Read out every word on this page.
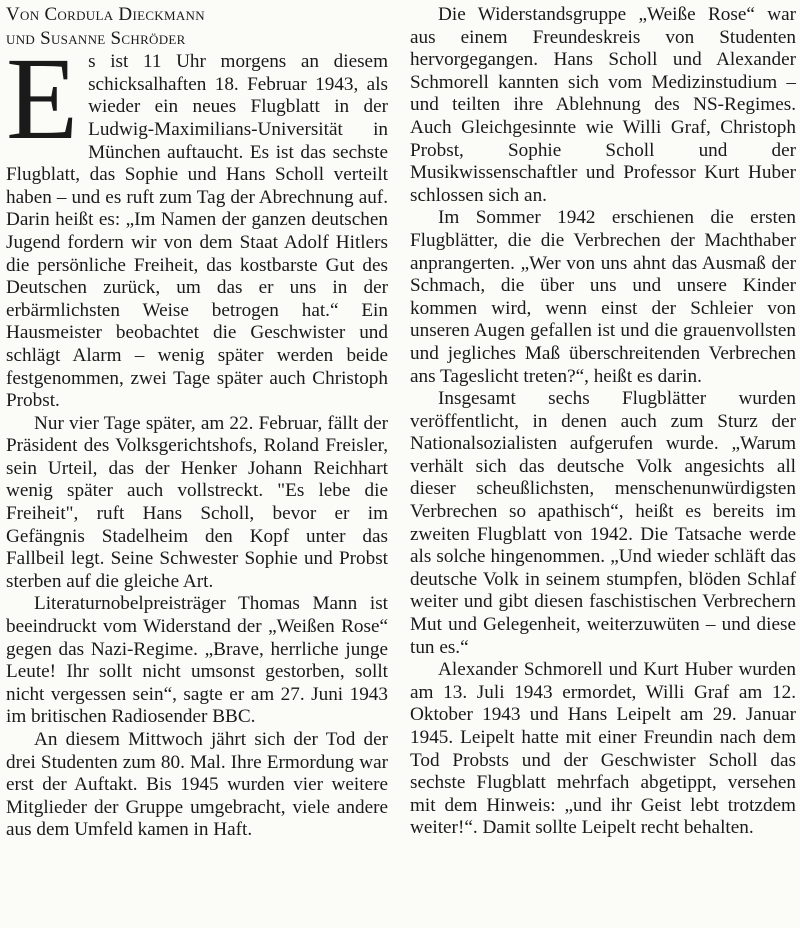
Von Cordula Dieckmann
und Susanne Schröder

Es ist 11 Uhr morgens an diesem schicksalhaften 18. Februar 1943, als wieder ein neues Flugblatt in der Ludwig-Maximilians-Universität in München auftaucht. Es ist das sechste Flugblatt, das Sophie und Hans Scholl verteilt haben – und es ruft zum Tag der Abrechnung auf. Darin heißt es: „Im Namen der ganzen deutschen Jugend fordern wir von dem Staat Adolf Hitlers die persönliche Freiheit, das kostbarste Gut des Deutschen zurück, um das er uns in der erbärmlichsten Weise betrogen hat.“ Ein Hausmeister beobachtet die Geschwister und schlägt Alarm – wenig später werden beide festgenommen, zwei Tage später auch Christoph Probst.

Nur vier Tage später, am 22. Februar, fällt der Präsident des Volksgerichtshofs, Roland Freisler, sein Urteil, das der Henker Johann Reichhart wenig später auch vollstreckt. "Es lebe die Freiheit", ruft Hans Scholl, bevor er im Gefängnis Stadelheim den Kopf unter das Fallbeil legt. Seine Schwester Sophie und Probst sterben auf die gleiche Art.

Literaturnobelpreisträger Thomas Mann ist beeindruckt vom Widerstand der „Weißen Rose“ gegen das Nazi-Regime. „Brave, herrliche junge Leute! Ihr sollt nicht umsonst gestorben, sollt nicht vergessen sein“, sagte er am 27. Juni 1943 im britischen Radiosender BBC.

An diesem Mittwoch jährt sich der Tod der drei Studenten zum 80. Mal. Ihre Ermordung war erst der Auftakt. Bis 1945 wurden vier weitere Mitglieder der Gruppe umgebracht, viele andere aus dem Umfeld kamen in Haft.

Die Widerstandsgruppe „Weiße Rose“ war aus einem Freundeskreis von Studenten hervorgegangen. Hans Scholl und Alexander Schmorell kannten sich vom Medizinstudium – und teilten ihre Ablehnung des NS-Regimes. Auch Gleichgesinnte wie Willi Graf, Christoph Probst, Sophie Scholl und der Musikwissenschaftler und Professor Kurt Huber schlossen sich an.

Im Sommer 1942 erschienen die ersten Flugblätter, die die Verbrechen der Machthaber anprangerten. „Wer von uns ahnt das Ausmaß der Schmach, die über uns und unsere Kinder kommen wird, wenn einst der Schleier von unseren Augen gefallen ist und die grauenvollsten und jegliches Maß überschreitenden Verbrechen ans Tageslicht treten?“, heißt es darin.

Insgesamt sechs Flugblätter wurden veröffentlicht, in denen auch zum Sturz der Nationalsozialisten aufgerufen wurde. „Warum verhält sich das deutsche Volk angesichts all dieser scheußlichsten, menschenunwürdigsten Verbrechen so apathisch“, heißt es bereits im zweiten Flugblatt von 1942. Die Tatsache werde als solche hingenommen. „Und wieder schläft das deutsche Volk in seinem stumpfen, blöden Schlaf weiter und gibt diesen faschistischen Verbrechern Mut und Gelegenheit, weiterzuwüten – und diese tun es.“

Alexander Schmorell und Kurt Huber wurden am 13. Juli 1943 ermordet, Willi Graf am 12. Oktober 1943 und Hans Leipelt am 29. Januar 1945. Leipelt hatte mit einer Freundin nach dem Tod Probsts und der Geschwister Scholl das sechste Flugblatt mehrfach abgetippt, versehen mit dem Hinweis: „und ihr Geist lebt trotzdem weiter!“. Damit sollte Leipelt recht behalten.
